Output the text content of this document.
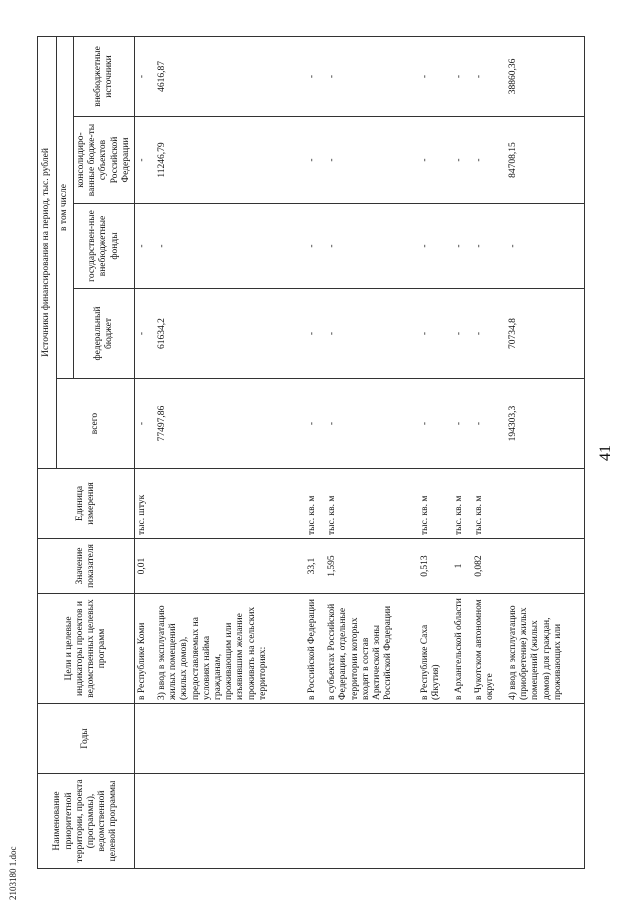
41
2103180 1.doc
Наименование приоритетной территории, проекта (программы), ведомственной целевой программы	Годы	Цели и целевые индикаторы проектов и ведомственных целевых программ	Значение показателя	Единица измерения	Источники финансирования на период, тыс. рублей				
					всего	в том числе			
						федеральный бюджет	государствен-ные внебюджетные фонды	консолидиро-ванные бюдже-ты субъектов Российской Федерации	внебюджетные источники
		в Республике Коми	0,01	тыс. штук	-	-	-	-	-
		3) ввод в эксплуатацию жилых помещений (жилых домов), предоставляемых на условиях найма гражданам, проживающим или изъявившим желание проживать на сельских территориях:			77497,86	61634,2	-	11246,79	4616,87
		в Российской Федерации	33,1	тыс. кв. м	-	-	-	-	-
		в субъектах Российской Федерации, отдельные территории которых входят в состав Арктической зоны Российской Федерации	1,595	тыс. кв. м	-	-	-	-	-
		в Республике Саха (Якутия)	0,513	тыс. кв. м	-	-	-	-	-
		в Архангельской области	1	тыс. кв. м	-	-	-	-	-
		в Чукотском автономном округе	0,082	тыс. кв. м	-	-	-	-	-
		4) ввод в эксплуатацию (приобретение) жилых помещений (жилых домов) для граждан, проживающих или			194303,3	70734,8	-	84708,15	38860,36
